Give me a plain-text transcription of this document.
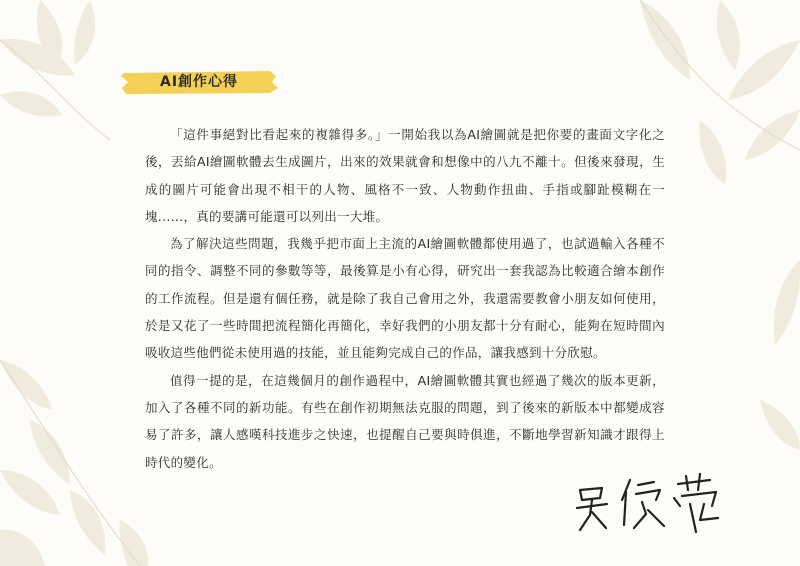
AI創作心得

「這件事絕對比看起來的複雜得多。」一開始我以為AI繪圖就是把你要的畫面文字化之後，丟給AI繪圖軟體去生成圖片，出來的效果就會和想像中的八九不離十。但後來發現，生成的圖片可能會出現不相干的人物、風格不一致、人物動作扭曲、手指或腳趾模糊在一塊......，真的要講可能還可以列出一大堆。

為了解決這些問題，我幾乎把市面上主流的AI繪圖軟體都使用過了，也試過輸入各種不同的指令、調整不同的參數等等，最後算是小有心得，研究出一套我認為比較適合繪本創作的工作流程。但是還有個任務，就是除了我自己會用之外，我還需要教會小朋友如何使用，於是又花了一些時間把流程簡化再簡化，幸好我們的小朋友都十分有耐心，能夠在短時間內吸收這些他們從未使用過的技能，並且能夠完成自己的作品，讓我感到十分欣慰。

值得一提的是，在這幾個月的創作過程中，AI繪圖軟體其實也經過了幾次的版本更新，加入了各種不同的新功能。有些在創作初期無法克服的問題，到了後來的新版本中都變成容易了許多，讓人感嘆科技進步之快速，也提醒自己要與時俱進，不斷地學習新知識才跟得上時代的變化。
